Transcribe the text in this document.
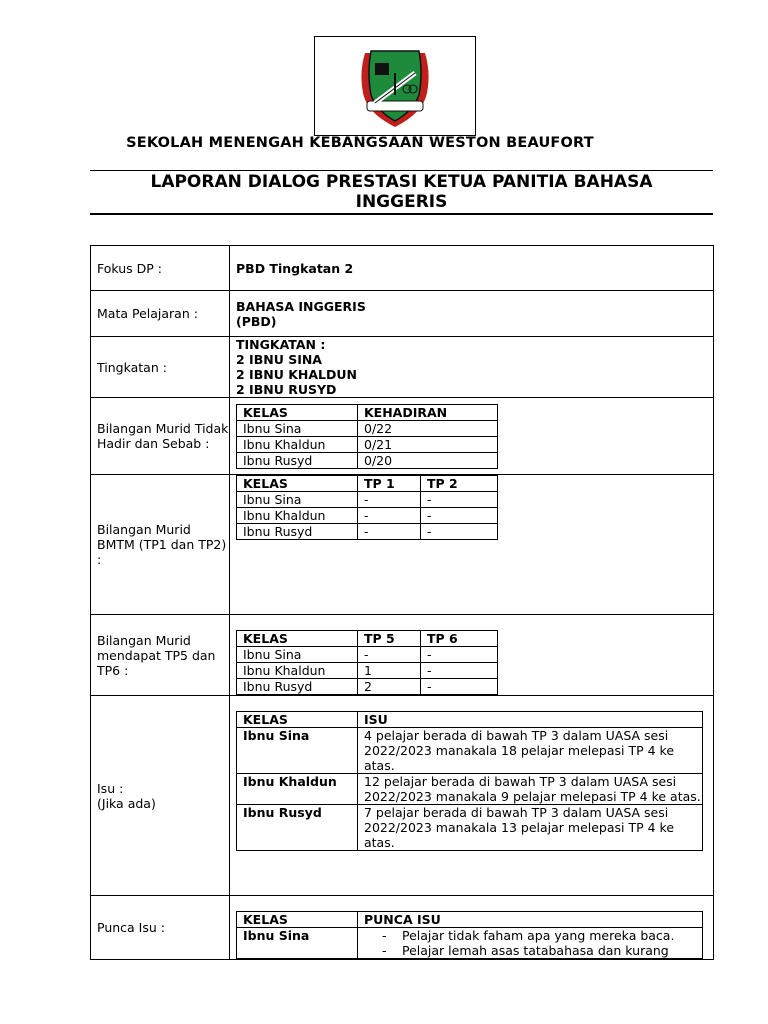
SEKOLAH MENENGAH KEBANGSAAN WESTON BEAUFORT
LAPORAN DIALOG PRESTASI KETUA PANITIA BAHASA
INGGERIS
Fokus DP :	PBD Tingkatan 2
Mata Pelajaran :	BAHASA INGGERIS
(PBD)

Tingkatan :	
TINGKATAN :
2 IBNU SINA
2 IBNU KHALDUN
2 IBNU RUSYD

Bilangan Murid Tidak Hadir dan Sebab :	
KELAS	KEHADIRAN
Ibnu Sina	0/22
Ibnu Khaldun	0/21
Ibnu Rusyd	0/20

Bilangan Murid BMTM (TP1 dan TP2) :	
KELAS	TP 1	TP 2
Ibnu Sina	-	-
Ibnu Khaldun	-	-
Ibnu Rusyd	-	-

Bilangan Murid mendapat TP5 dan TP6 :	
KELAS	TP 5	TP 6
Ibnu Sina	-	-
Ibnu Khaldun	1	-
Ibnu Rusyd	2	-

Isu :
(Jika ada)

KELAS	ISU
Ibnu Sina	4 pelajar berada di bawah TP 3 dalam UASA sesi 2022/2023 manakala 18 pelajar melepasi TP 4 ke atas.
Ibnu Khaldun	12 pelajar berada di bawah TP 3 dalam UASA sesi 2022/2023 manakala 9 pelajar melepasi TP 4 ke atas.
Ibnu Rusyd	7 pelajar berada di bawah TP 3 dalam UASA sesi 2022/2023 manakala 13 pelajar melepasi TP 4 ke atas.

Punca Isu :	
KELAS	PUNCA ISU
Ibnu Sina	
-Pelajar tidak faham apa yang mereka baca.
- Pelajar lemah asas tatabahasa dan kurang
